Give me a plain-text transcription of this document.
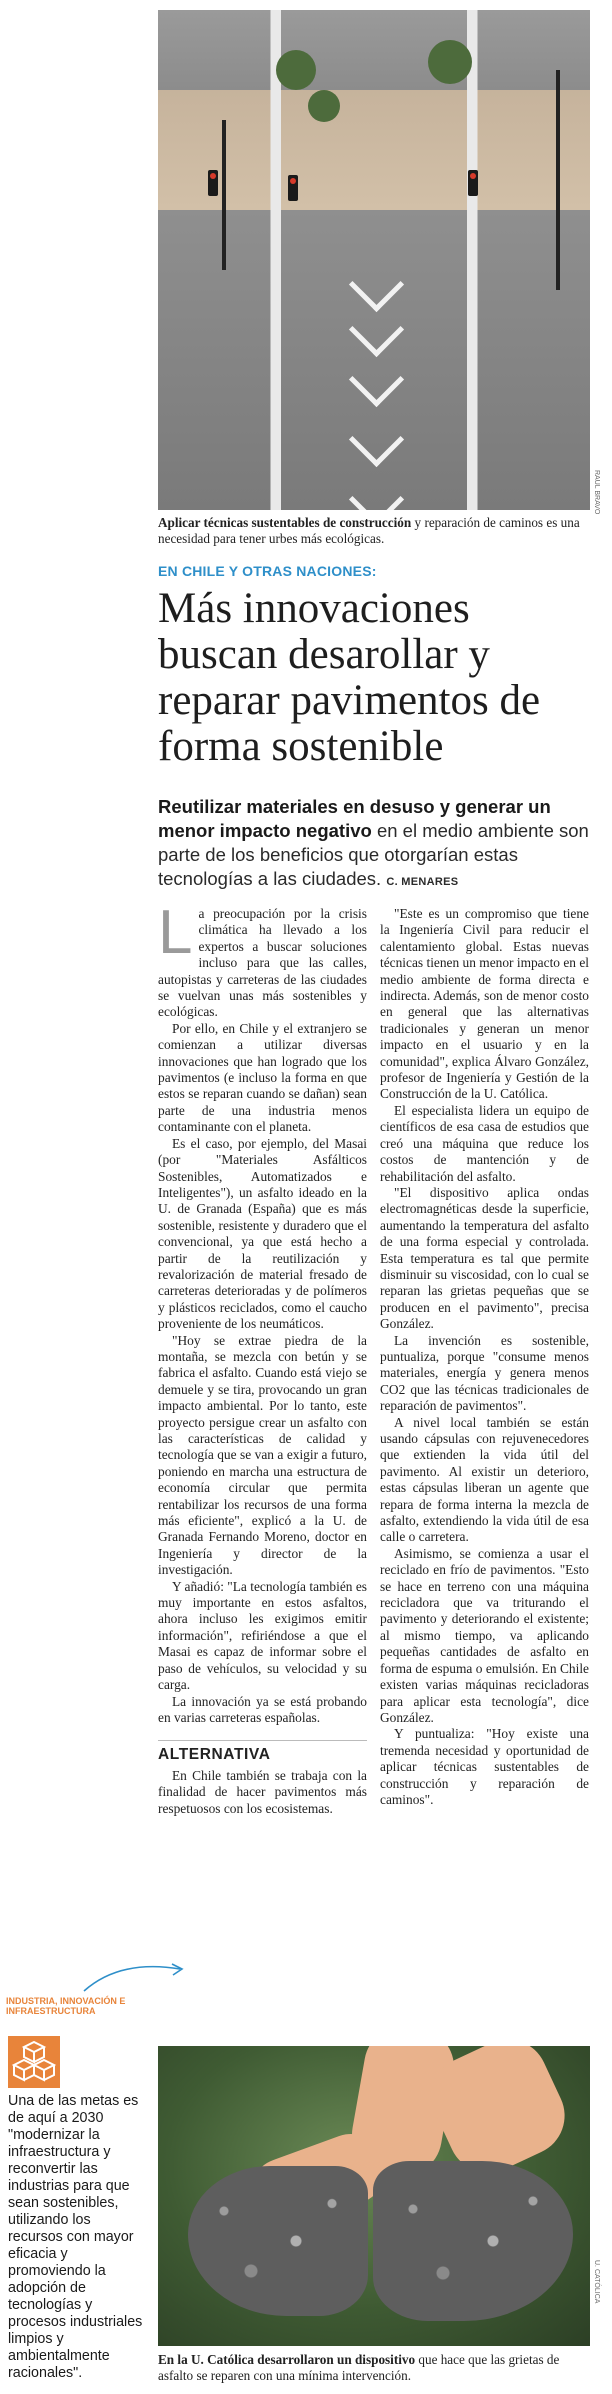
RAUL BRAVO
Aplicar técnicas sustentables de construcción y reparación de caminos es una necesidad para tener urbes más ecológicas.
EN CHILE Y OTRAS NACIONES:
Más innovaciones buscan desarollar y reparar pavimentos de forma sostenible
Reutilizar materiales en desuso y generar un menor impacto negativo en el medio ambiente son parte de los beneficios que otorgarían estas tecnologías a las ciudades. C. MENARES

La preocupación por la crisis climática ha llevado a los expertos a buscar soluciones incluso para que las calles, autopistas y carreteras de las ciudades se vuelvan unas más sostenibles y ecológicas.

Por ello, en Chile y el extranjero se comienzan a utilizar diversas innovaciones que han logrado que los pavimentos (e incluso la forma en que estos se reparan cuando se dañan) sean parte de una industria menos contaminante con el planeta.

Es el caso, por ejemplo, del Masai (por "Materiales Asfálticos Sostenibles, Automatizados e Inteligentes"), un asfalto ideado en la U. de Granada (España) que es más sostenible, resistente y duradero que el convencional, ya que está hecho a partir de la reutilización y revalorización de material fresado de carreteras deterioradas y de polímeros y plásticos reciclados, como el caucho proveniente de los neumáticos.

"Hoy se extrae piedra de la montaña, se mezcla con betún y se fabrica el asfalto. Cuando está viejo se demuele y se tira, provocando un gran impacto ambiental. Por lo tanto, este proyecto persigue crear un asfalto con las características de calidad y tecnología que se van a exigir a futuro, poniendo en marcha una estructura de economía circular que permita rentabilizar los recursos de una forma más eficiente", explicó a la U. de Granada Fernando Moreno, doctor en Ingeniería y director de la investigación.

Y añadió: "La tecnología también es muy importante en estos asfaltos, ahora incluso les exigimos emitir información", refiriéndose a que el Masai es capaz de informar sobre el paso de vehículos, su velocidad y su carga.

La innovación ya se está probando en varias carreteras españolas.

ALTERNATIVA

En Chile también se trabaja con la finalidad de hacer pavimentos más respetuosos con los ecosistemas.

"Este es un compromiso que tiene la Ingeniería Civil para reducir el calentamiento global. Estas nuevas técnicas tienen un menor impacto en el medio ambiente de forma directa e indirecta. Además, son de menor costo en general que las alternativas tradicionales y generan un menor impacto en el usuario y en la comunidad", explica Álvaro González, profesor de Ingeniería y Gestión de la Construcción de la U. Católica.

El especialista lidera un equipo de científicos de esa casa de estudios que creó una máquina que reduce los costos de mantención y de rehabilitación del asfalto.

"El dispositivo aplica ondas electromagnéticas desde la superficie, aumentando la temperatura del asfalto de una forma especial y controlada. Esta temperatura es tal que permite disminuir su viscosidad, con lo cual se reparan las grietas pequeñas que se producen en el pavimento", precisa González.

La invención es sostenible, puntualiza, porque "consume menos materiales, energía y genera menos CO2 que las técnicas tradicionales de reparación de pavimentos".

A nivel local también se están usando cápsulas con rejuvenecedores que extienden la vida útil del pavimento. Al existir un deterioro, estas cápsulas liberan un agente que repara de forma interna la mezcla de asfalto, extendiendo la vida útil de esa calle o carretera.

Asimismo, se comienza a usar el reciclado en frío de pavimentos. "Esto se hace en terreno con una máquina recicladora que va triturando el pavimento y deteriorando el existente; al mismo tiempo, va aplicando pequeñas cantidades de asfalto en forma de espuma o emulsión. En Chile existen varias máquinas recicladoras para aplicar esta tecnología", dice González.

Y puntualiza: "Hoy existe una tremenda necesidad y oportunidad de aplicar técnicas sustentables de construcción y reparación de caminos".

INDUSTRIA, INNOVACIÓN E INFRAESTRUCTURA
Una de las metas es de aquí a 2030 "modernizar la infraestructura y reconvertir las industrias para que sean sostenibles, utilizando los recursos con mayor eficacia y promoviendo la adopción de tecnologías y procesos industriales limpios y ambientalmente racionales".
U. CATÓLICA
En la U. Católica desarrollaron un dispositivo que hace que las grietas de asfalto se reparen con una mínima intervención.
